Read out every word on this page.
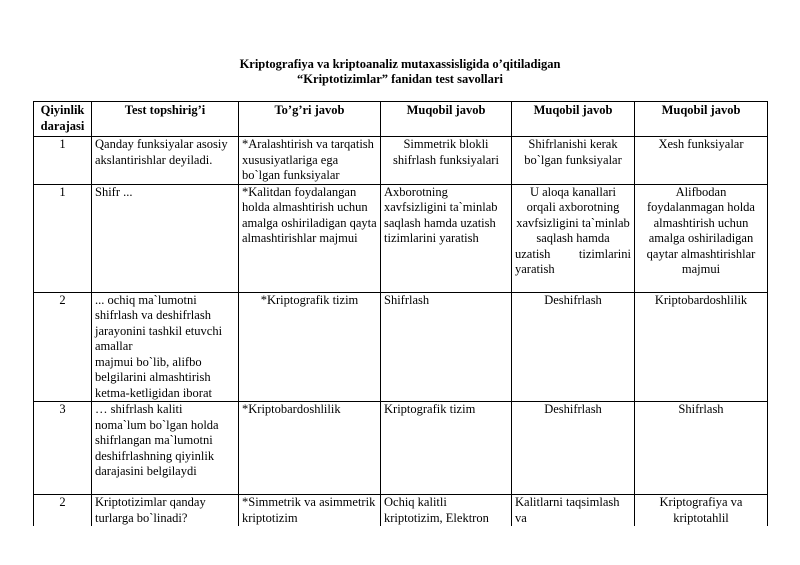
Kriptografiya va kriptoanaliz mutaxassisligida o’qitiladigan
“Kriptotizimlar” fanidan test savollari
Qiyinlik
darajasi	Test topshirig’i	To’g’ri javob	Muqobil javob	Muqobil javob	Muqobil javob
1	Qanday funksiyalar asosiy akslantirishlar deyiladi.	*Aralashtirish va tarqatish xususiyatlariga ega bo`lgan funksiyalar	Simmetrik blokli shifrlash funksiyalari	Shifrlanishi kerak bo`lgan funksiyalar	Xesh funksiyalar
1	Shifr ...	*Kalitdan foydalangan holda almashtirish uchun amalga oshiriladigan qayta almashtirishlar majmui	Axborotning xavfsizligini ta`minlab saqlash hamda uzatish tizimlarini yaratish	U aloqa kanallari orqali axborotning xavfsizligini ta`minlab saqlash hamda
uzatish tizimlarini
yaratish	Alifbodan foydalanmagan holda almashtirish uchun amalga oshiriladigan qaytar almashtirishlar majmui
2	... ochiq ma`lumotni shifrlash va deshifrlash jarayonini tashkil etuvchi amallar
majmui bo`lib, alifbo belgilarini almashtirish ketma-ketligidan iborat	*Kriptografik tizim	Shifrlash	Deshifrlash	Kriptobardoshlilik
3	… shifrlash kaliti noma`lum bo`lgan holda shifrlangan ma`lumotni deshifrlashning qiyinlik darajasini belgilaydi	*Kriptobardoshlilik	Kriptografik tizim	Deshifrlash	Shifrlash
2	Kriptotizimlar qanday turlarga bo`linadi?	*Simmetrik va asimmetrik kriptotizim	Ochiq kalitli kriptotizim, Elektron	Kalitlarni taqsimlash va	Kriptografiya va kriptotahlil
